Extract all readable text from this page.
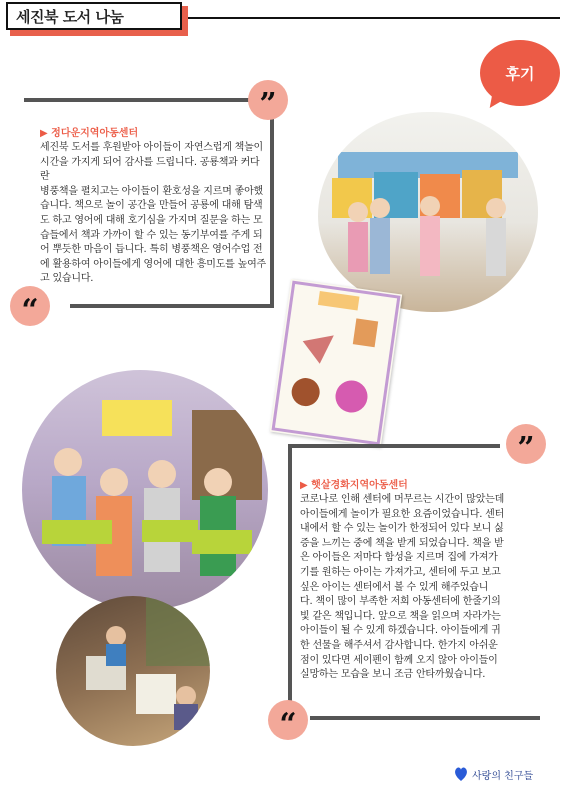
세진북 도서 나눔
후기
”
“
▶ 정다운지역아동센터
세진북 도서를 후원받아 아이들이 자연스럽게 책놀이
시간을 가지게 되어 감사를 드립니다. 공룡책과 커다란
병풍책을 펼치고는 아이들이 환호성을 지르며 좋아했
습니다. 책으로 놀이 공간을 만들어 공룡에 대해 탐색
도 하고 영어에 대해 호기심을 가지며 질문을 하는 모
습들에서 책과 가까이 할 수 있는 동기부여를 주게 되
어 뿌듯한 마음이 듭니다. 특히 병풍책은 영어수업 전
에 활용하여 아이들에게 영어에 대한 흥미도를 높여주
고 있습니다.
”
“
▶ 햇살경화지역아동센터
코로나로 인해 센터에 머무르는 시간이 많았는데
아이들에게 놀이가 필요한 요즘이었습니다. 센터
내에서 할 수 있는 놀이가 한정되어 있다 보니 싫
증을 느끼는 중에 책을 받게 되었습니다. 책을 받
은 아이들은 저마다 함성을 지르며 집에 가져가
기를 원하는 아이는 가져가고, 센터에 두고 보고
싶은 아이는 센터에서 볼 수 있게 해주었습니
다. 책이 많이 부족한 저희 아동센터에 한줄기의
빛 같은 책입니다. 앞으로 책을 읽으며 자라가는
아이들이 될 수 있게 하겠습니다. 아이들에게 귀
한 선물을 해주셔서 감사합니다. 한가지 아쉬운
점이 있다면 세이펜이 함께 오지 않아 아이들이
실망하는 모습을 보니 조금 안타까웠습니다.
사랑의 친구들
